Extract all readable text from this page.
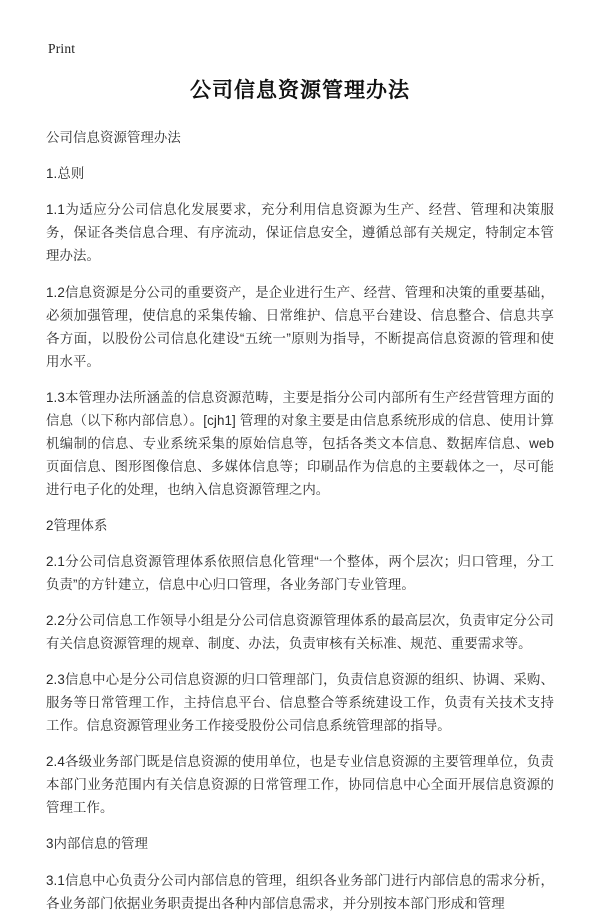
Print
公司信息资源管理办法

公司信息资源管理办法

1.总则

1.1为适应分公司信息化发展要求，充分利用信息资源为生产、经营、管理和决策服务，保证各类信息合理、有序流动，保证信息安全，遵循总部有关规定，特制定本管理办法。

1.2信息资源是分公司的重要资产，是企业进行生产、经营、管理和决策的重要基础，必须加强管理，使信息的采集传输、日常维护、信息平台建设、信息整合、信息共享各方面，以股份公司信息化建设“五统一”原则为指导，不断提高信息资源的管理和使用水平。

1.3本管理办法所涵盖的信息资源范畴，主要是指分公司内部所有生产经营管理方面的信息（以下称内部信息）。[cjh1] 管理的对象主要是由信息系统形成的信息、使用计算机编制的信息、专业系统采集的原始信息等，包括各类文本信息、数据库信息、web页面信息、图形图像信息、多媒体信息等；印刷品作为信息的主要载体之一，尽可能进行电子化的处理，也纳入信息资源管理之内。

2管理体系

2.1分公司信息资源管理体系依照信息化管理“一个整体，两个层次；归口管理，分工负责”的方针建立，信息中心归口管理，各业务部门专业管理。

2.2分公司信息工作领导小组是分公司信息资源管理体系的最高层次，负责审定分公司有关信息资源管理的规章、制度、办法，负责审核有关标准、规范、重要需求等。

2.3信息中心是分公司信息资源的归口管理部门，负责信息资源的组织、协调、采购、服务等日常管理工作，主持信息平台、信息整合等系统建设工作，负责有关技术支持工作。信息资源管理业务工作接受股份公司信息系统管理部的指导。

2.4各级业务部门既是信息资源的使用单位，也是专业信息资源的主要管理单位，负责本部门业务范围内有关信息资源的日常管理工作，协同信息中心全面开展信息资源的管理工作。

3内部信息的管理

3.1信息中心负责分公司内部信息的管理，组织各业务部门进行内部信息的需求分析，各业务部门依据业务职责提出各种内部信息需求，并分别按本部门形成和管理
